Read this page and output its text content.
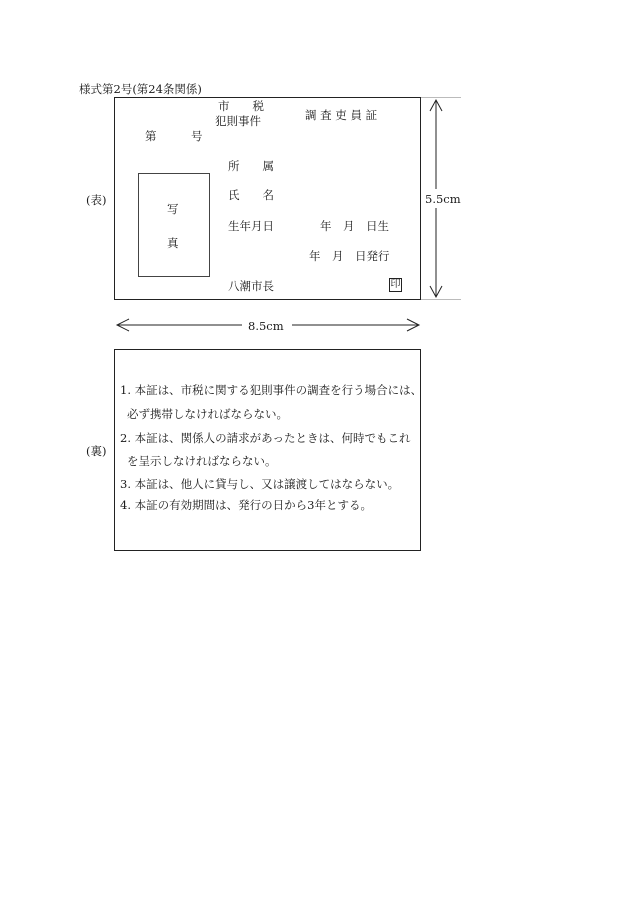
様式第2号(第24条関係)
(表)
(裏)
市　　税
犯則事件	調 査 吏 員 証
第　　　号
写
真
所　　属
氏　　名
生年月日	年　月　日生
年　月　日発行
八潮市長	印
5.5cm
8.5cm
1. 本証は、市税に関する犯則事件の調査を行う場合には、
必ず携帯しなければならない。
2. 本証は、関係人の請求があったときは、何時でもこれ
を呈示しなければならない。
3. 本証は、他人に貸与し、又は譲渡してはならない。
4. 本証の有効期間は、発行の日から3年とする。
